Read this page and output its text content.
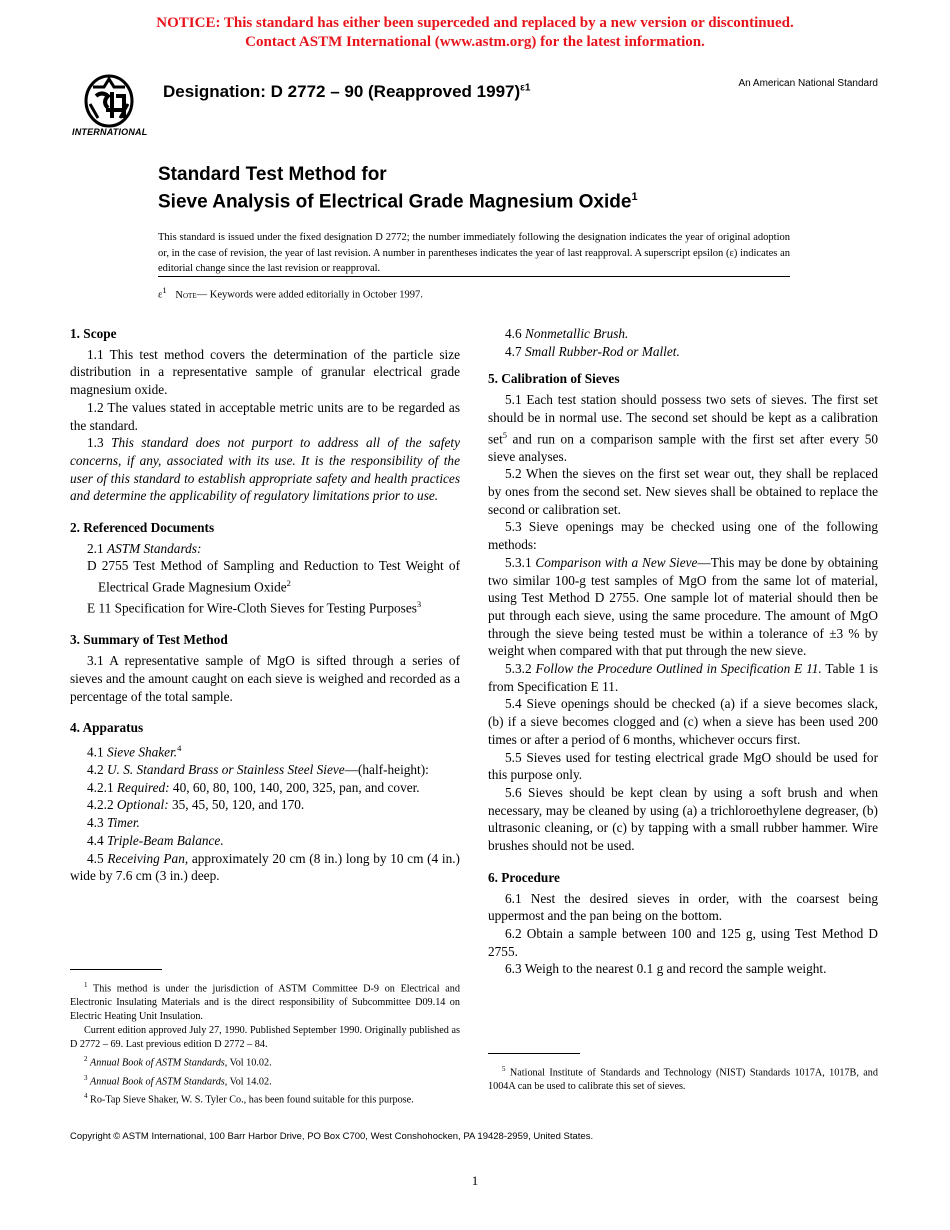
NOTICE: This standard has either been superceded and replaced by a new version or discontinued.
Contact ASTM International (www.astm.org) for the latest information.
INTERNATIONAL
Designation: D 2772 – 90 (Reapproved 1997)$^{\varepsilon 1}$	An American National Standard
Standard Test Method for
Sieve Analysis of Electrical Grade Magnesium Oxide$^1$
This standard is issued under the fixed designation D 2772; the number immediately following the designation indicates the year of original adoption or, in the case of revision, the year of last revision. A number in parentheses indicates the year of last reapproval. A superscript epsilon (ε) indicates an editorial change since the last revision or reapproval.
$\varepsilon^1$ Note— Keywords were added editorially in October 1997.
1. Scope

1.1 This test method covers the determination of the particle size distribution in a representative sample of granular electrical grade magnesium oxide.

1.2 The values stated in acceptable metric units are to be regarded as the standard.

1.3 This standard does not purport to address all of the safety concerns, if any, associated with its use. It is the responsibility of the user of this standard to establish appropriate safety and health practices and determine the applicability of regulatory limitations prior to use.

2. Referenced Documents

2.1 ASTM Standards:

D 2755 Test Method of Sampling and Reduction to Test Weight of Electrical Grade Magnesium Oxide$^2$

E 11 Specification for Wire-Cloth Sieves for Testing Purposes$^3$

3. Summary of Test Method

3.1 A representative sample of MgO is sifted through a series of sieves and the amount caught on each sieve is weighed and recorded as a percentage of the total sample.

4. Apparatus

4.1 Sieve Shaker.$^4$

4.2 U. S. Standard Brass or Stainless Steel Sieve—(half-height):

4.2.1 Required: 40, 60, 80, 100, 140, 200, 325, pan, and cover.

4.2.2 Optional: 35, 45, 50, 120, and 170.

4.3 Timer.

4.4 Triple-Beam Balance.

4.5 Receiving Pan, approximately 20 cm (8 in.) long by 10 cm (4 in.) wide by 7.6 cm (3 in.) deep.

4.6 Nonmetallic Brush.

4.7 Small Rubber-Rod or Mallet.

5. Calibration of Sieves

5.1 Each test station should possess two sets of sieves. The first set should be in normal use. The second set should be kept as a calibration set$^5$ and run on a comparison sample with the first set after every 50 sieve analyses.

5.2 When the sieves on the first set wear out, they shall be replaced by ones from the second set. New sieves shall be obtained to replace the second or calibration set.

5.3 Sieve openings may be checked using one of the following methods:

5.3.1 Comparison with a New Sieve—This may be done by obtaining two similar 100-g test samples of MgO from the same lot of material, using Test Method D 2755. One sample lot of material should then be put through each sieve, using the same procedure. The amount of MgO through the sieve being tested must be within a tolerance of ±3 % by weight when compared with that put through the new sieve.

5.3.2 Follow the Procedure Outlined in Specification E 11. Table 1 is from Specification E 11.

5.4 Sieve openings should be checked (a) if a sieve becomes slack, (b) if a sieve becomes clogged and (c) when a sieve has been used 200 times or after a period of 6 months, whichever occurs first.

5.5 Sieves used for testing electrical grade MgO should be used for this purpose only.

5.6 Sieves should be kept clean by using a soft brush and when necessary, may be cleaned by using (a) a trichloroethylene degreaser, (b) ultrasonic cleaning, or (c) by tapping with a small rubber hammer. Wire brushes should not be used.

6. Procedure

6.1 Nest the desired sieves in order, with the coarsest being uppermost and the pan being on the bottom.

6.2 Obtain a sample between 100 and 125 g, using Test Method D 2755.

6.3 Weigh to the nearest 0.1 g and record the sample weight.

$^1$ This method is under the jurisdiction of ASTM Committee D-9 on Electrical and Electronic Insulating Materials and is the direct responsibility of Subcommittee D09.14 on Electric Heating Unit Insulation.

Current edition approved July 27, 1990. Published September 1990. Originally published as D 2772 – 69. Last previous edition D 2772 – 84.

$^2$ Annual Book of ASTM Standards, Vol 10.02.

$^3$ Annual Book of ASTM Standards, Vol 14.02.

$^4$ Ro-Tap Sieve Shaker, W. S. Tyler Co., has been found suitable for this purpose.

$^5$ National Institute of Standards and Technology (NIST) Standards 1017A, 1017B, and 1004A can be used to calibrate this set of sieves.

Copyright © ASTM International, 100 Barr Harbor Drive, PO Box C700, West Conshohocken, PA 19428-2959, United States.
1
